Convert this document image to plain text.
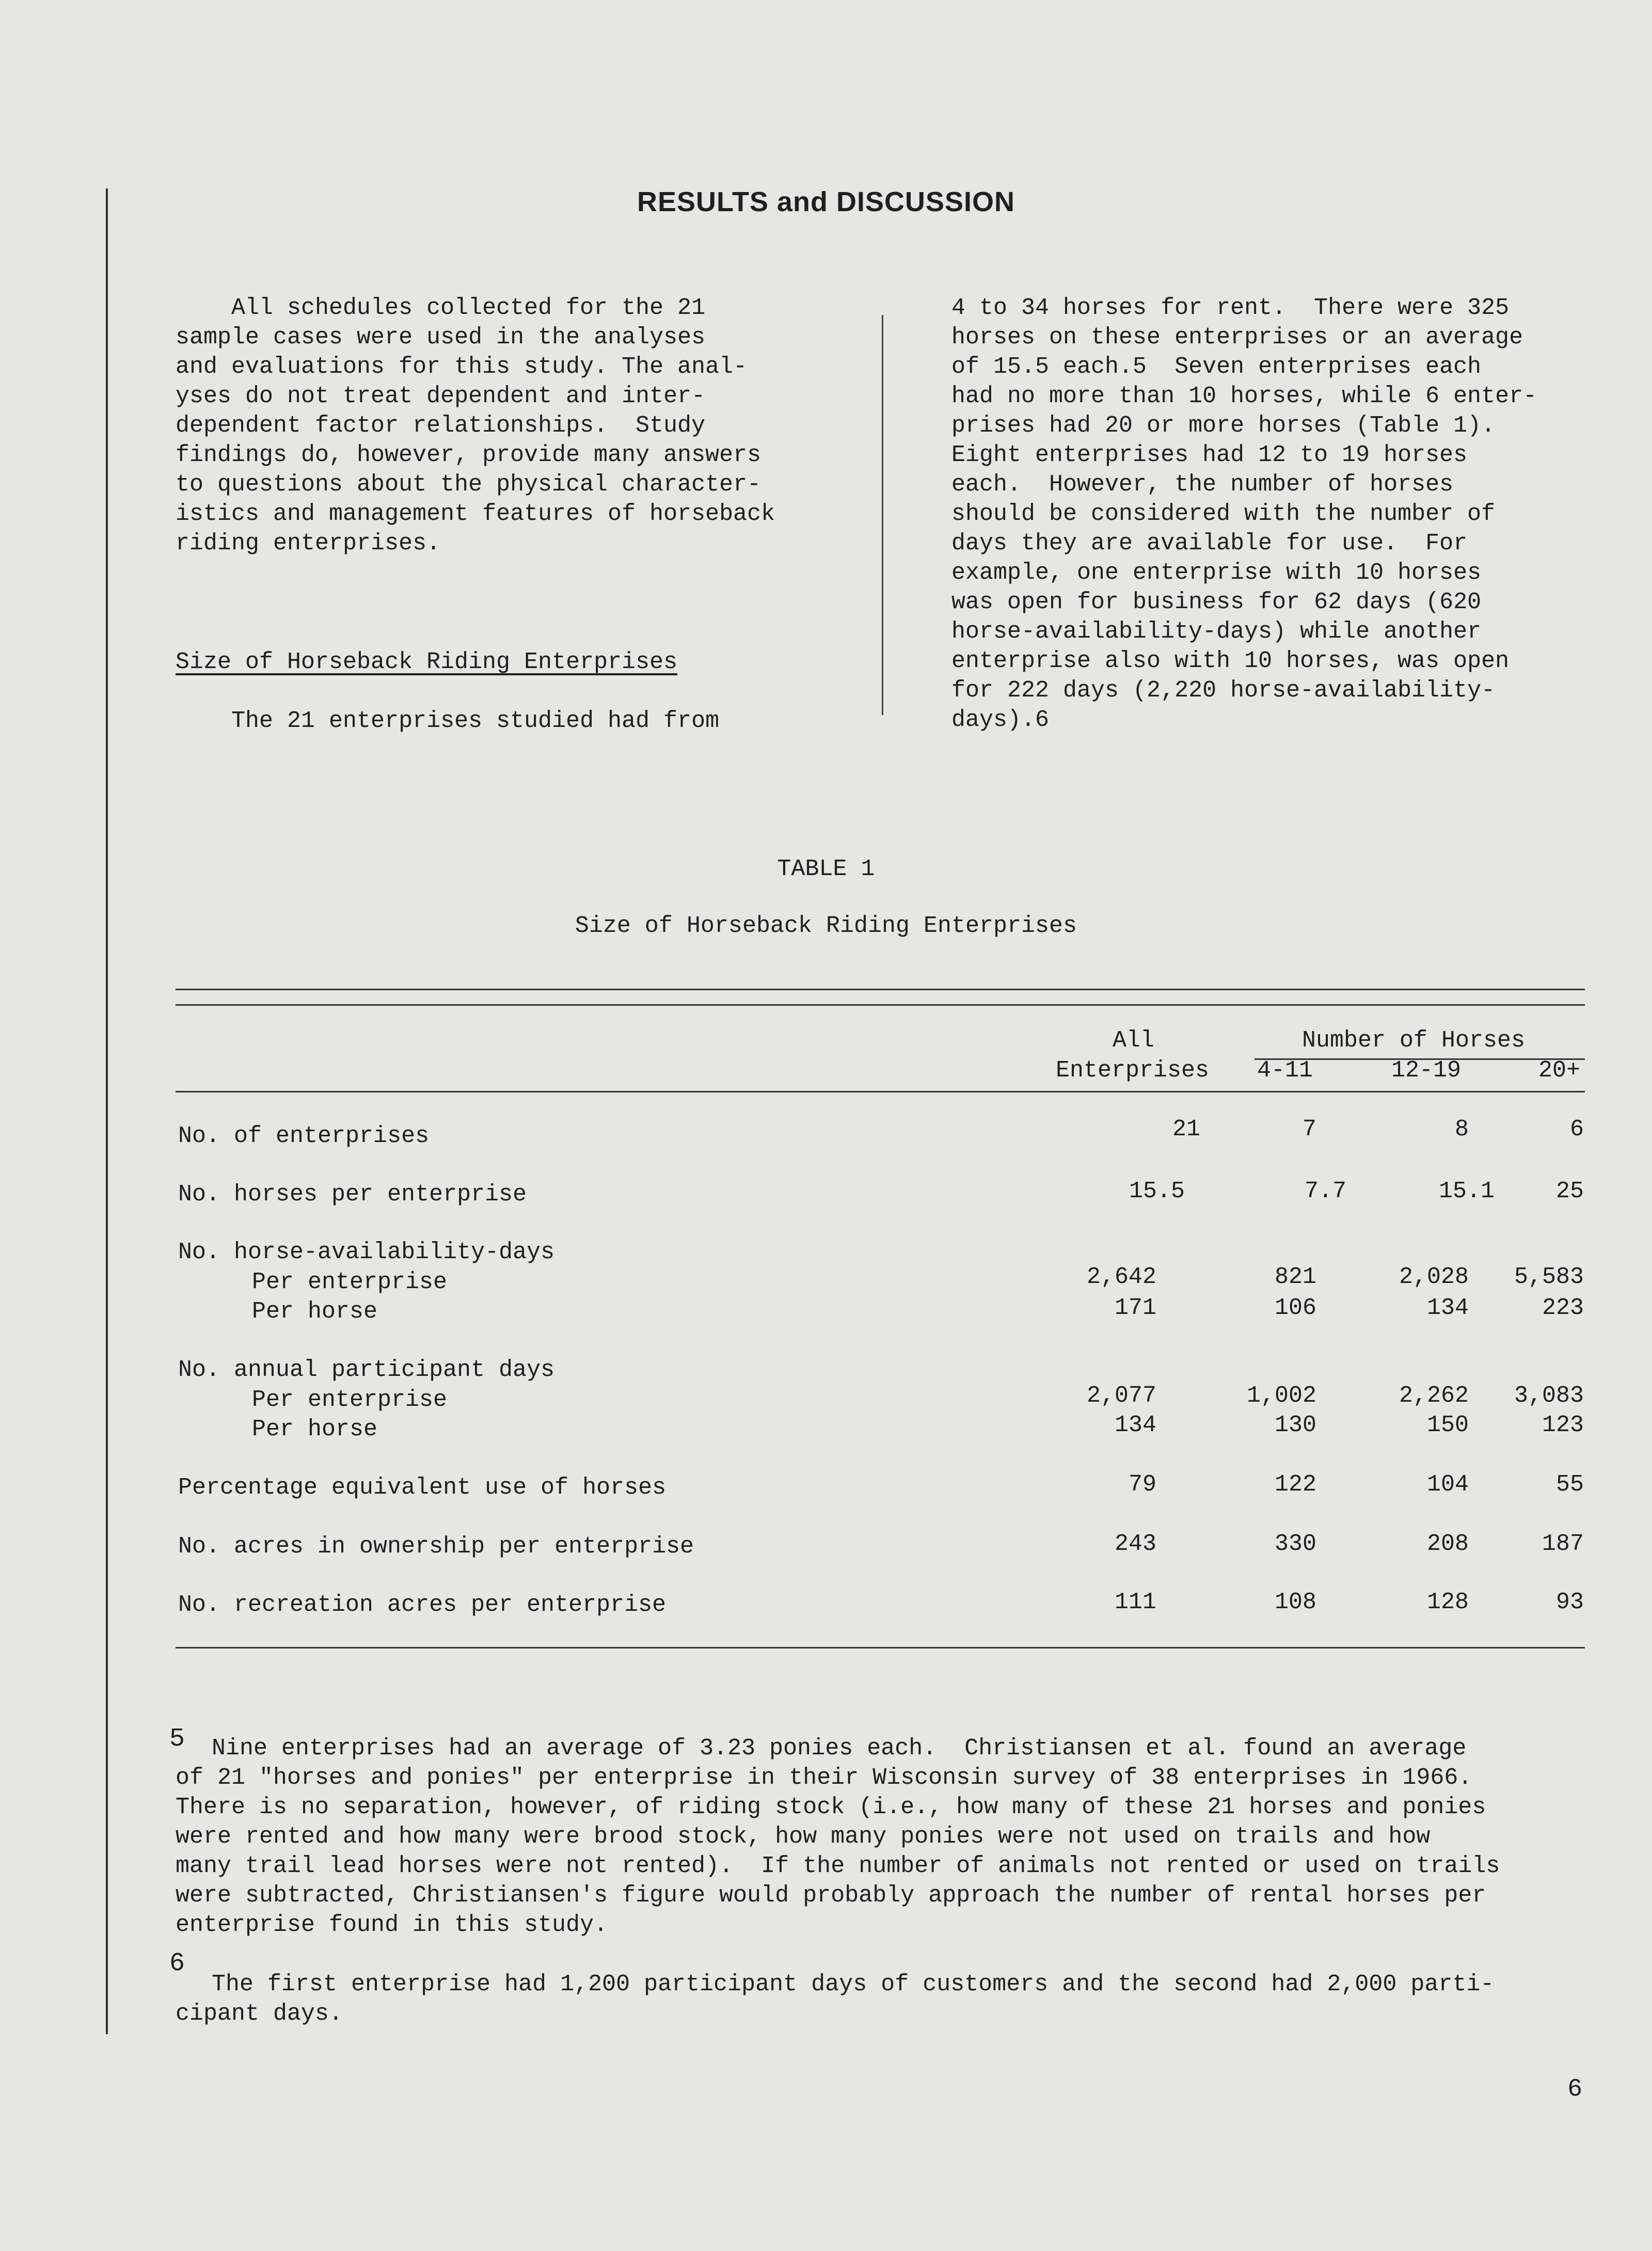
RESULTS and DISCUSSION
All schedules collected for the 21
sample cases were used in the analyses
and evaluations for this study. The anal-
yses do not treat dependent and inter-
dependent factor relationships.  Study
findings do, however, provide many answers
to questions about the physical character-
istics and management features of horseback
riding enterprises.
Size of Horseback Riding Enterprises
The 21 enterprises studied had from
4 to 34 horses for rent.  There were 325
horses on these enterprises or an average
of 15.5 each.5  Seven enterprises each
had no more than 10 horses, while 6 enter-
prises had 20 or more horses (Table 1).
Eight enterprises had 12 to 19 horses
each.  However, the number of horses
should be considered with the number of
days they are available for use.  For
example, one enterprise with 10 horses
was open for business for 62 days (620
horse-availability-days) while another
enterprise also with 10 horses, was open
for 222 days (2,220 horse-availability-
days).6
TABLE 1
Size of Horseback Riding Enterprises
All
Enterprises
Number of Horses
4-11	12-19	20+
No. of enterprises	21	7	8	6
No. horses per enterprise	15.5	7.7	15.1	25
No. horse-availability-days
Per enterprise	2,642	821	2,028	5,583
Per horse	171	106	134	223
No. annual participant days
Per enterprise	2,077	1,002	2,262	3,083
Per horse	134	130	150	123
Percentage equivalent use of horses	79	122	104	55
No. acres in ownership per enterprise	243	330	208	187
No. recreation acres per enterprise	111	108	128	93
5	Nine enterprises had an average of 3.23 ponies each.  Christiansen et al. found an average
of 21 "horses and ponies" per enterprise in their Wisconsin survey of 38 enterprises in 1966.
There is no separation, however, of riding stock (i.e., how many of these 21 horses and ponies
were rented and how many were brood stock, how many ponies were not used on trails and how
many trail lead horses were not rented).  If the number of animals not rented or used on trails
were subtracted, Christiansen's figure would probably approach the number of rental horses per
enterprise found in this study.
6
The first enterprise had 1,200 participant days of customers and the second had 2,000 parti-
cipant days.
6
